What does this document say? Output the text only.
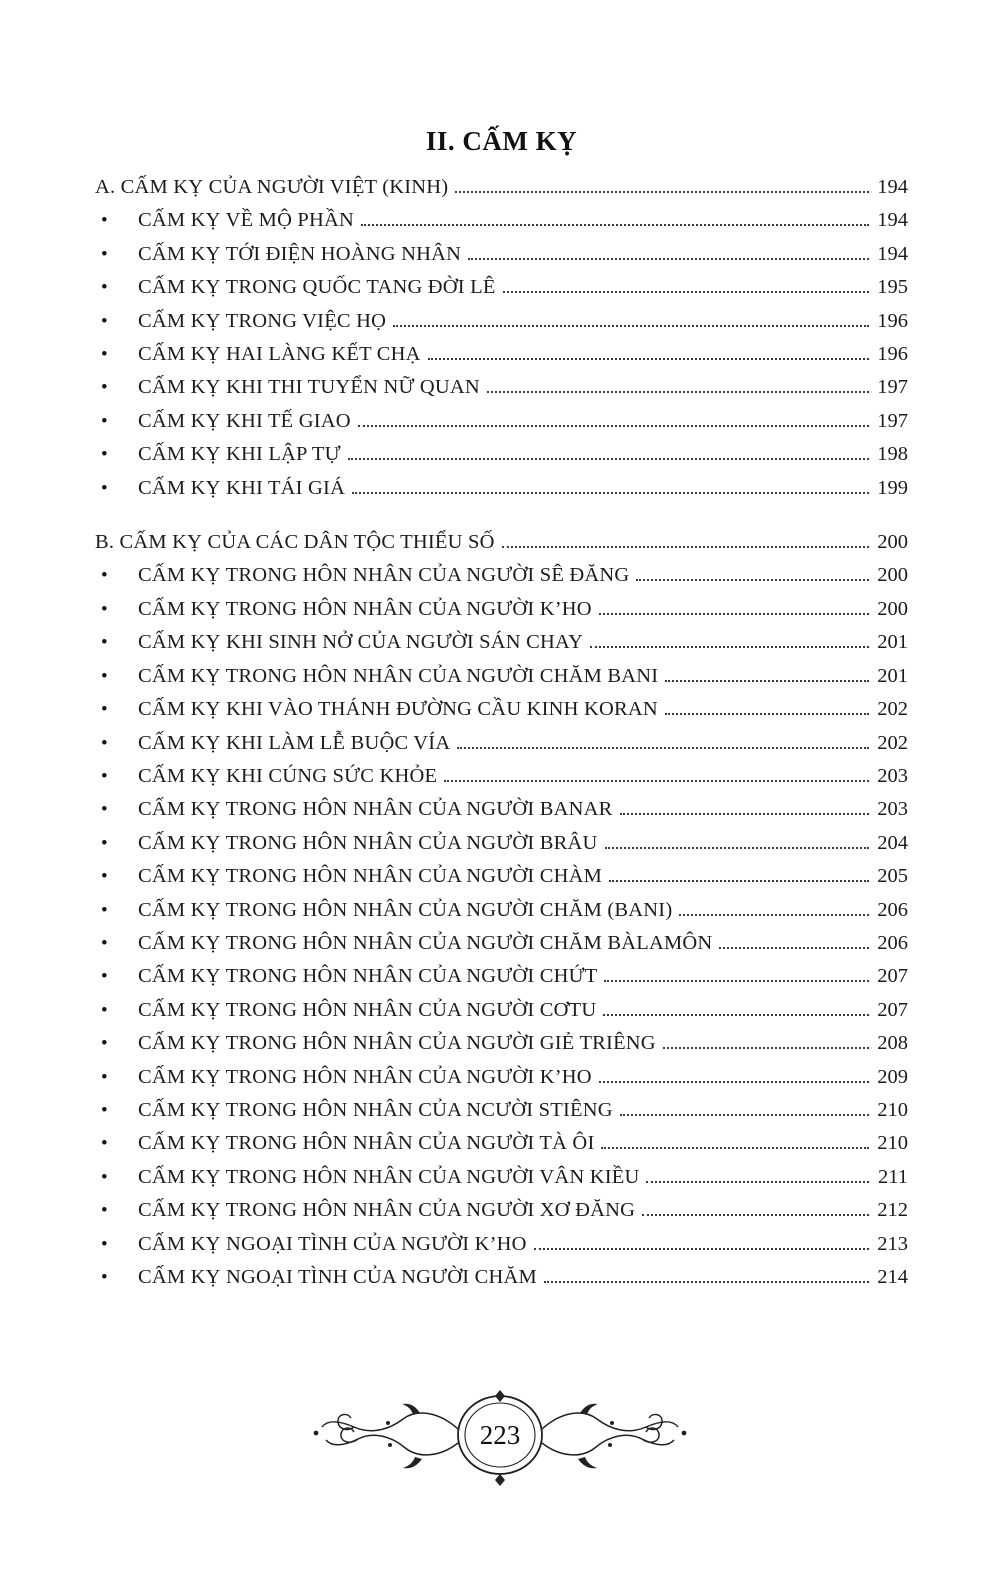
II. CẤM KỴ
A. CẤM KỴ CỦA NGƯỜI VIỆT (KINH)	194
•	CẤM KỴ VỀ MỘ PHẦN	194
•	CẤM KỴ TỚI ĐIỆN HOÀNG NHÂN	194
•	CẤM KỴ TRONG QUỐC TANG ĐỜI LÊ	195
•	CẤM KỴ TRONG VIỆC HỌ	196
•	CẤM KỴ HAI LÀNG KẾT CHẠ	196
•	CẤM KỴ KHI THI TUYỂN NỮ QUAN	197
•	CẤM KỴ KHI TẾ GIAO	197
•	CẤM KỴ KHI LẬP TỰ	198
•	CẤM KỴ KHI TÁI GIÁ	199
B. CẤM KỴ CỦA CÁC DÂN TỘC THIỂU SỐ	200
•	CẤM KỴ TRONG HÔN NHÂN CỦA NGƯỜI SÊ ĐĂNG	200
•	CẤM KỴ TRONG HÔN NHÂN CỦA NGƯỜI K’HO	200
•	CẤM KỴ KHI SINH NỞ CỦA NGƯỜI SÁN CHAY	201
•	CẤM KỴ TRONG HÔN NHÂN CỦA NGƯỜI CHĂM BANI	201
•	CẤM KỴ KHI VÀO THÁNH ĐƯỜNG CẦU KINH KORAN	202
•	CẤM KỴ KHI LÀM LỄ BUỘC VÍA	202
•	CẤM KỴ KHI CÚNG SỨC KHỎE	203
•	CẤM KỴ TRONG HÔN NHÂN CỦA NGƯỜI BANAR	203
•	CẤM KỴ TRONG HÔN NHÂN CỦA NGƯỜI BRÂU	204
•	CẤM KỴ TRONG HÔN NHÂN CỦA NGƯỜI CHÀM	205
•	CẤM KỴ TRONG HÔN NHÂN CỦA NGƯỜI CHĂM (BANI)	206
•	CẤM KỴ TRONG HÔN NHÂN CỦA NGƯỜI CHĂM BÀLAMÔN	206
•	CẤM KỴ TRONG HÔN NHÂN CỦA NGƯỜI CHỨT	207
•	CẤM KỴ TRONG HÔN NHÂN CỦA NGƯỜI CƠTU	207
•	CẤM KỴ TRONG HÔN NHÂN CỦA NGƯỜI GIẺ TRIÊNG	208
•	CẤM KỴ TRONG HÔN NHÂN CỦA NGƯỜI K’HO	209
•	CẤM KỴ TRONG HÔN NHÂN CỦA NCƯỜI STIÊNG	210
•	CẤM KỴ TRONG HÔN NHÂN CỦA NGƯỜI TÀ ÔI	210
•	CẤM KỴ TRONG HÔN NHÂN CỦA NGƯỜI VÂN KIỀU	211
•	CẤM KỴ TRONG HÔN NHÂN CỦA NGƯỜI XƠ ĐĂNG	212
•	CẤM KỴ NGOẠI TÌNH CỦA NGƯỜI K’HO	213
•	CẤM KỴ NGOẠI TÌNH CỦA NGƯỜI CHĂM	214
223
